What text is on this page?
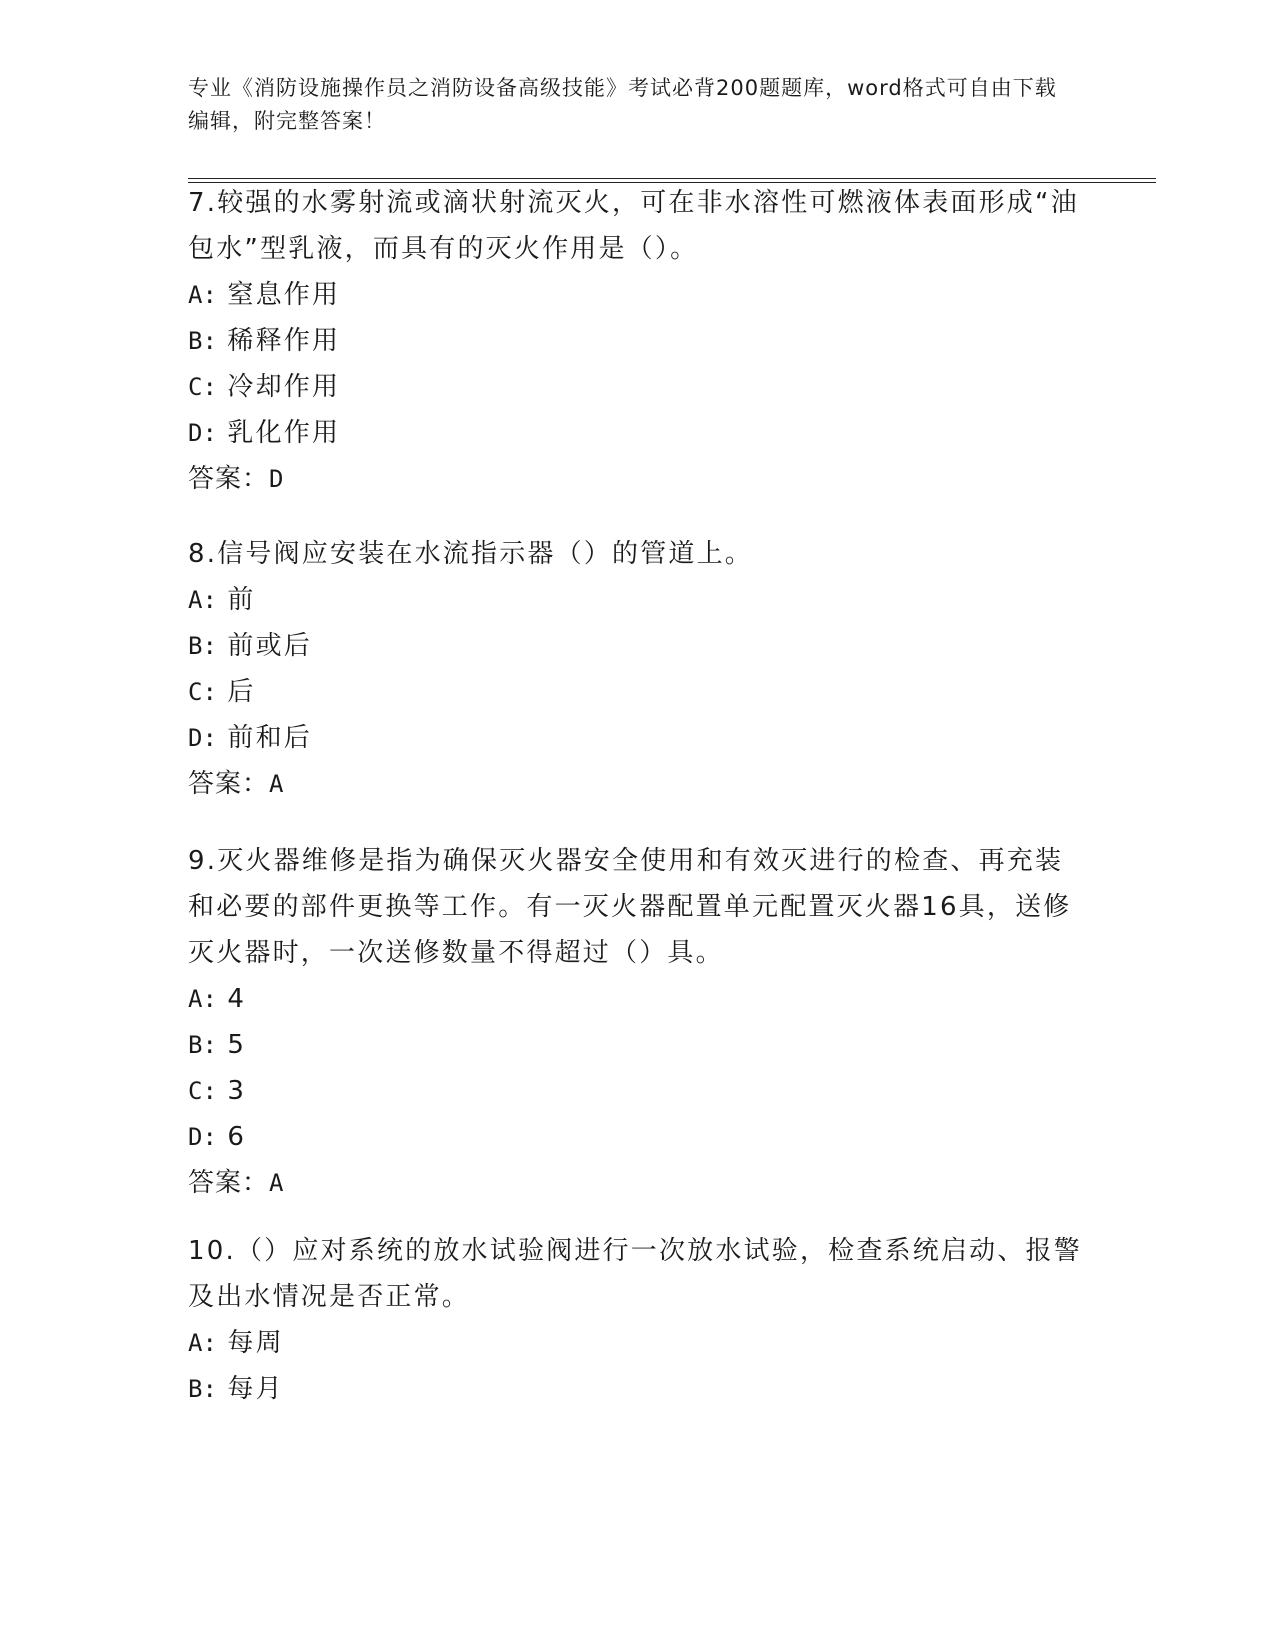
专业《消防设施操作员之消防设备高级技能》考试必背200题题库，word格式可自由下载编辑，附完整答案！

7.较强的水雾射流或滴状射流灭火，可在非水溶性可燃液体表面形成“油包水”型乳液，而具有的灭火作用是（）。

A: 窒息作用

B: 稀释作用

C: 冷却作用

D: 乳化作用

答案：D

8.信号阀应安装在水流指示器（）的管道上。

A: 前

B: 前或后

C: 后

D: 前和后

答案：A

9.灭火器维修是指为确保灭火器安全使用和有效灭进行的检查、再充装和必要的部件更换等工作。有一灭火器配置单元配置灭火器16具，送修灭火器时，一次送修数量不得超过（）具。

A: 4

B: 5

C: 3

D: 6

答案：A

10.（）应对系统的放水试验阀进行一次放水试验，检查系统启动、报警及出水情况是否正常。

A: 每周

B: 每月
